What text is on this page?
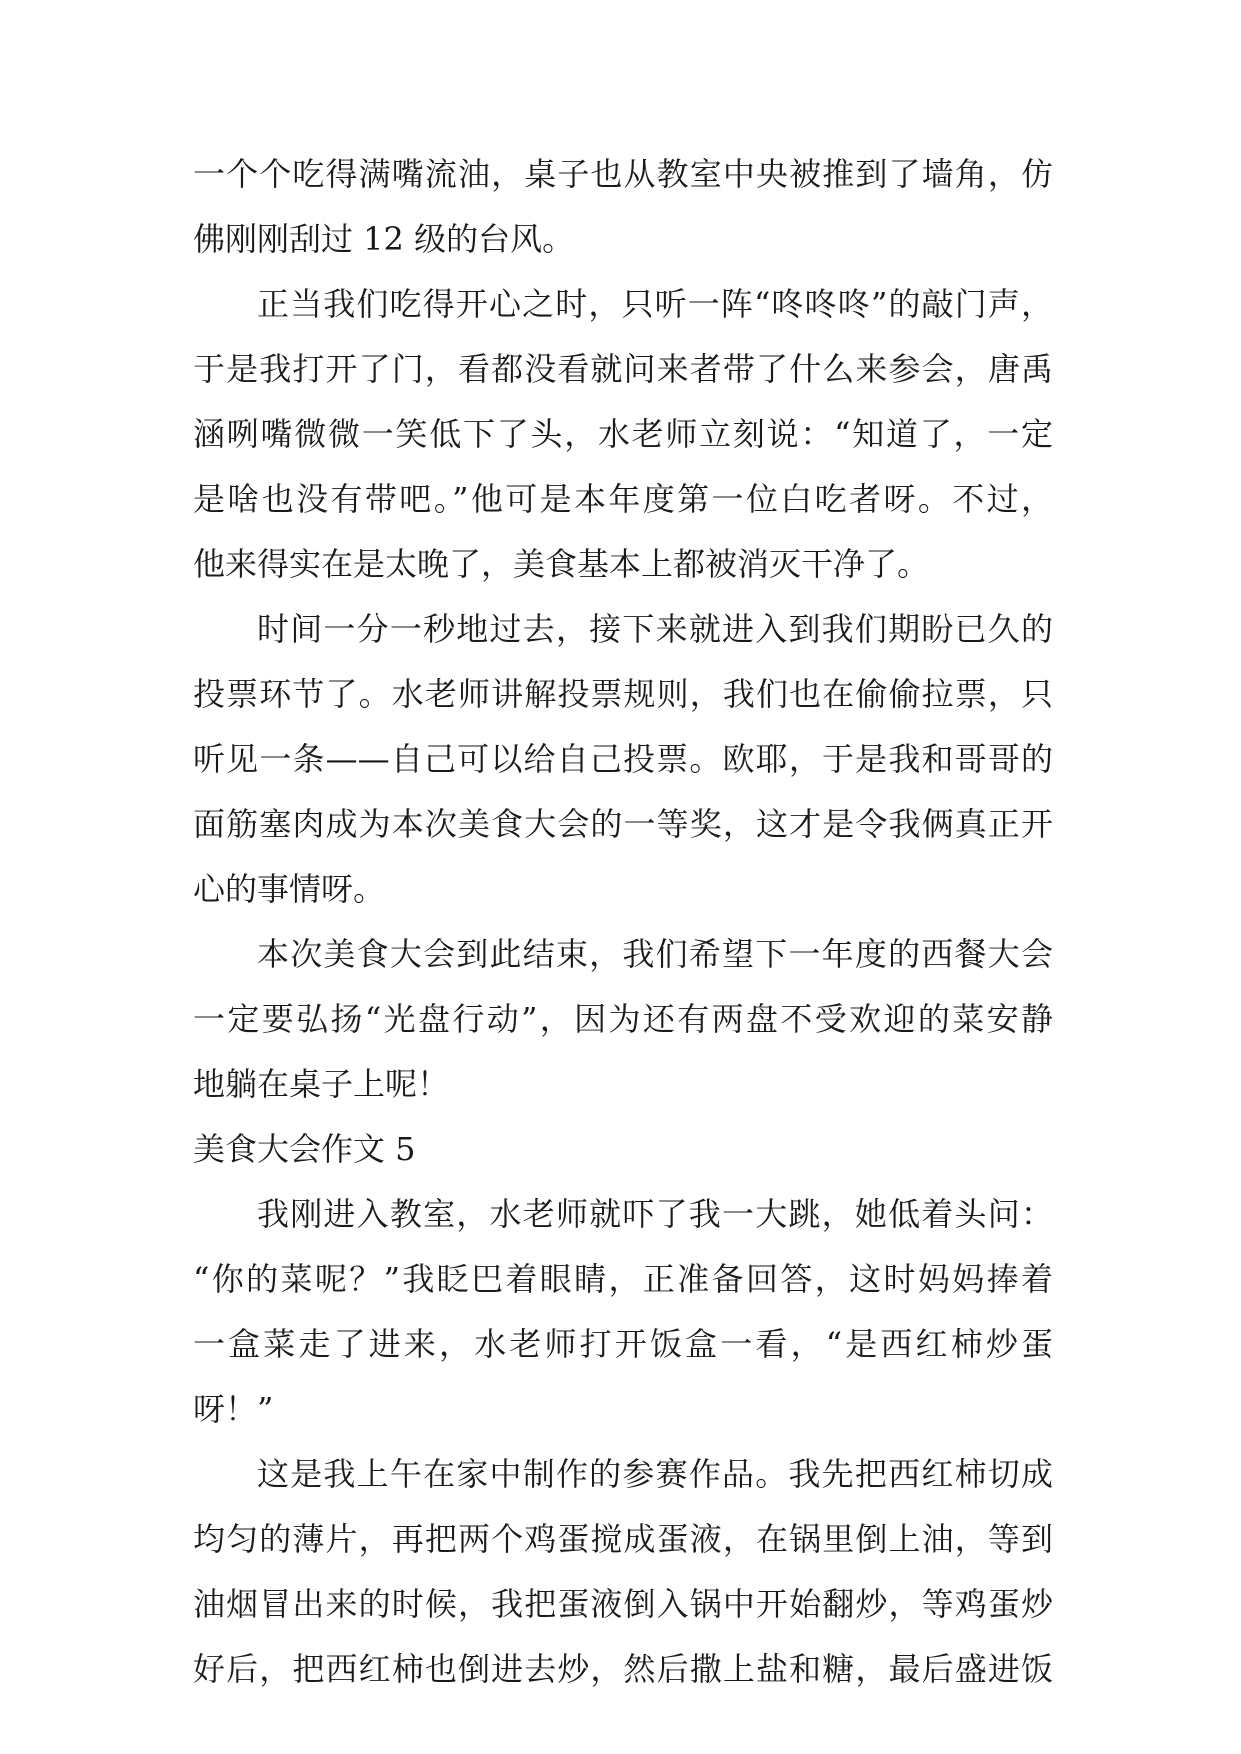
一个个吃得满嘴流油，桌子也从教室中央被推到了墙角，仿
佛刚刚刮过 12 级的台风。
正当我们吃得开心之时，只听一阵“咚咚咚”的敲门声，
于是我打开了门，看都没看就问来者带了什么来参会，唐禹
涵咧嘴微微一笑低下了头，水老师立刻说：“知道了，一定
是啥也没有带吧。”他可是本年度第一位白吃者呀。不过，
他来得实在是太晚了，美食基本上都被消灭干净了。
时间一分一秒地过去，接下来就进入到我们期盼已久的
投票环节了。水老师讲解投票规则，我们也在偷偷拉票，只
听见一条——自己可以给自己投票。欧耶，于是我和哥哥的
面筋塞肉成为本次美食大会的一等奖，这才是令我俩真正开
心的事情呀。
本次美食大会到此结束，我们希望下一年度的西餐大会
一定要弘扬“光盘行动”，因为还有两盘不受欢迎的菜安静
地躺在桌子上呢！
美食大会作文 5
我刚进入教室，水老师就吓了我一大跳，她低着头问：
“你的菜呢？”我眨巴着眼睛，正准备回答，这时妈妈捧着
一盒菜走了进来，水老师打开饭盒一看，“是西红柿炒蛋
呀！”
这是我上午在家中制作的参赛作品。我先把西红柿切成
均匀的薄片，再把两个鸡蛋搅成蛋液，在锅里倒上油，等到
油烟冒出来的时候，我把蛋液倒入锅中开始翻炒，等鸡蛋炒
好后，把西红柿也倒进去炒，然后撒上盐和糖，最后盛进饭
